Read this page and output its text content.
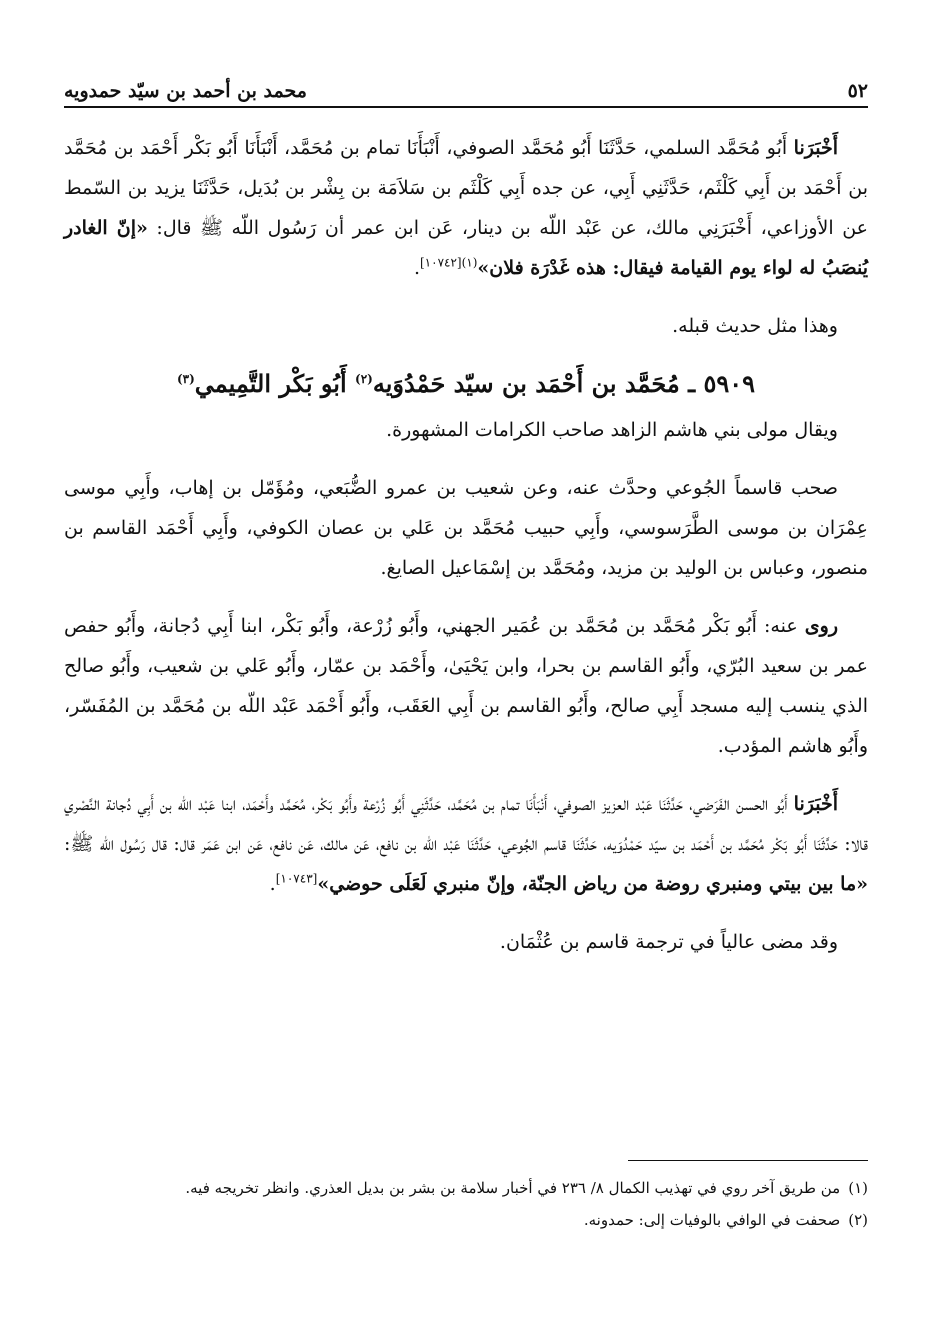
٥٢
محمد بن أحمد بن سيّد حمدويه

أَخْبَرَنا أَبُو مُحَمَّد السلمي، حَدَّثَنَا أَبُو مُحَمَّد الصوفي، أَنْبَأَنَا تمام بن مُحَمَّد، أَنْبَأَنَا أَبُو بَكْر أَحْمَد بن مُحَمَّد بن أَحْمَد بن أَبِي كَلْثَم، حَدَّثَنِي أَبِي، عن جده أَبِي كَلْثَم بن سَلاَمَة بن بِشْر بن بُدَيل، حَدَّثَنَا يزيد بن السّمط عن الأوزاعي، أَخْبَرَنِي مالك، عن عَبْد اللّه بن دينار، عَن ابن عمر أن رَسُول اللّه ﷺ قال: «إنّ الغادر يُنصَبُ له لواء يوم القيامة فيقال: هذه غَدْرَة فلان»$^{(١)[١٠٧٤٢]}$.

وهذا مثل حديث قبله.

٥٩٠٩ ـ مُحَمَّد بن أَحْمَد بن سيّد حَمْدُوَيه$^{(٢)}$ أَبُو بَكْر التَّمِيمي$^{(٣)}$

ويقال مولى بني هاشم الزاهد صاحب الكرامات المشهورة.

صحب قاسماً الجُوعي وحدَّث عنه، وعن شعيب بن عمرو الضُّبَعي، ومُؤَمّل بن إهاب، وأَبِي موسى عِمْرَان بن موسى الطَّرَسوسي، وأَبِي حبيب مُحَمَّد بن عَلي بن عصان الكوفي، وأَبِي أَحْمَد القاسم بن منصور، وعباس بن الوليد بن مزيد، ومُحَمَّد بن إسْمَاعيل الصايغ.

روى عنه: أَبُو بَكْر مُحَمَّد بن مُحَمَّد بن عُمَير الجهني، وأَبُو زُرْعة، وأَبُو بَكْر، ابنا أَبِي دُجانة، وأَبُو حفص عمر بن سعيد البُرّي، وأَبُو القاسم بن بحرا، وابن يَحْيَىٰ، وأَحْمَد بن عمّار، وأَبُو عَلي بن شعيب، وأَبُو صالح الذي ينسب إليه مسجد أَبِي صالح، وأَبُو القاسم بن أَبِي العَقَب، وأَبُو أَحْمَد عَبْد اللّه بن مُحَمَّد بن المُفَسّر، وأَبُو هاشم المؤدب.

أَخْبَرَنا أَبُو الحسن الفَرَضي، حَدَّثَنَا عَبْد العزيز الصوفي، أَنْبَأَنَا تمام بن مُحَمَّد، حَدَّثَنِي أَبُو زُرْعة وأَبُو بَكْر، مُحَمَّد وأَحْمَد، ابنا عَبْد اللّه بن أَبِي دُجانة النَّصْري قالا: حَدَّثَنَا أَبُو بَكْر مُحَمَّد بن أَحْمَد بن سيّد حَمْدُوَيه، حَدَّثَنَا قاسم الجُوعي، حَدَّثَنَا عَبْد اللّه بن نافع، عَن مالك، عَن نافع، عَن ابن عَمَر قال: قال رَسُول اللّه ﷺ: «ما بين بيتي ومنبري روضة من رياض الجنّة، وإنّ منبري لَعَلَى حوضي»[١٠٧٤٣].

وقد مضى عالياً في ترجمة قاسم بن عُثْمَان.

(١)
من طريق آخر روي في تهذيب الكمال ٨/ ٢٣٦ في أخبار سلامة بن بشر بن بديل العذري. وانظر تخريجه فيه.
(٢)
صحفت في الوافي بالوفيات إلى: حمدونه.
